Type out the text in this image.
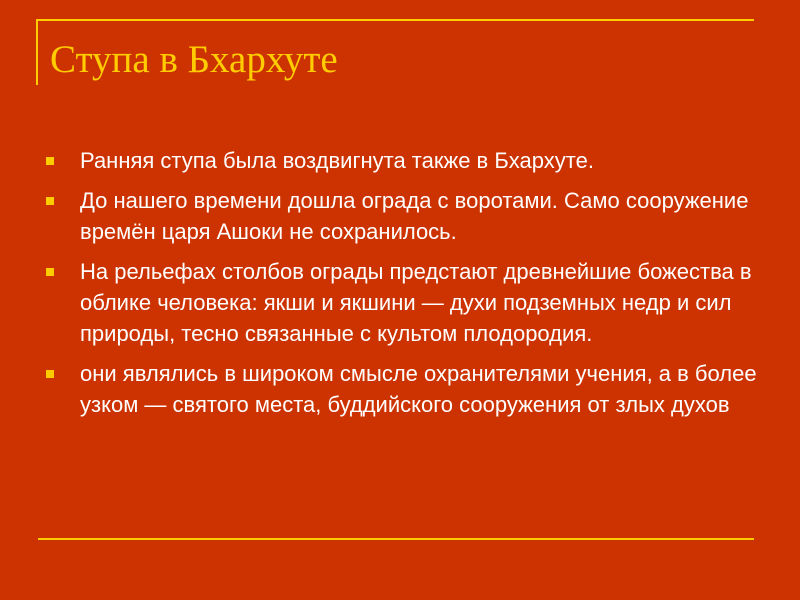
Ступа в Бхархуте
Ранняя ступа была воздвигнута также в Бхархуте.
До нашего времени дошла ограда с воротами. Само сооружение времён царя Ашоки не сохранилось.
На рельефах столбов ограды предстают древнейшие божества в облике человека: якши и якшини — духи подземных недр и сил природы, тесно связанные с культом плодородия.
они являлись в широком смысле охранителями учения, а в более узком — святого места, буддийского сооружения от злых духов
